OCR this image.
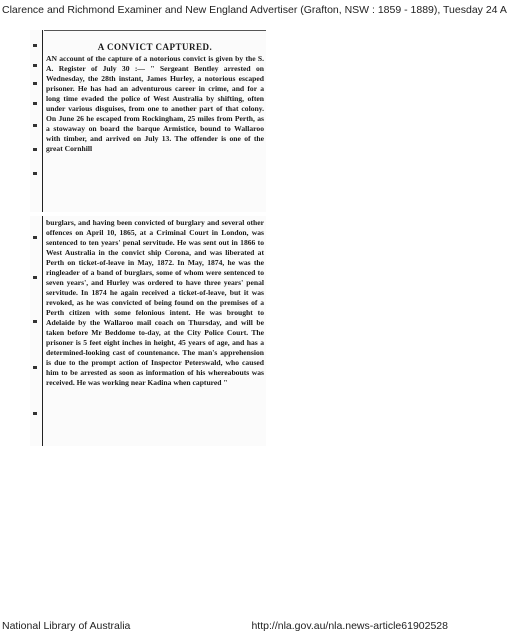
Clarence and Richmond Examiner and New England Advertiser (Grafton, NSW : 1859 - 1889), Tuesday 24 A
A CONVICT CAPTURED.

AN account of the capture of a notorious convict is given by the S. A. Register of July 30 :— " Sergeant Bentley arrested on Wednesday, the 28th instant, James Hurley, a notorious escaped prisoner. He has had an adventurous career in crime, and for a long time evaded the police of West Australia by shifting, often under various disguises, from one to another part of that colony. On June 26 he escaped from Rockingham, 25 miles from Perth, as a stowaway on board the barque Armistice, bound to Wallaroo with timber, and arrived on July 13. The offender is one of the great Cornhill

burglars, and having been convicted of burglary and several other offences on April 10, 1865, at a Criminal Court in London, was sentenced to ten years' penal servitude. He was sent out in 1866 to West Australia in the convict ship Corona, and was liberated at Perth on ticket-of-leave in May, 1872. In May, 1874, he was the ringleader of a band of burglars, some of whom were sentenced to seven years', and Hurley was ordered to have three years' penal servitude. In 1874 he again received a ticket-of-leave, but it was revoked, as he was convicted of being found on the premises of a Perth citizen with some felonious intent. He was brought to Adelaide by the Wallaroo mail coach on Thursday, and will be taken before Mr Beddome to-day, at the City Police Court. The prisoner is 5 feet eight inches in height, 45 years of age, and has a determined-looking cast of countenance. The man's apprehension is due to the prompt action of Inspector Peterswald, who caused him to be arrested as soon as information of his whereabouts was received. He was working near Kadina when captured "

National Library of Australia	http://nla.gov.au/nla.news-article61902528
